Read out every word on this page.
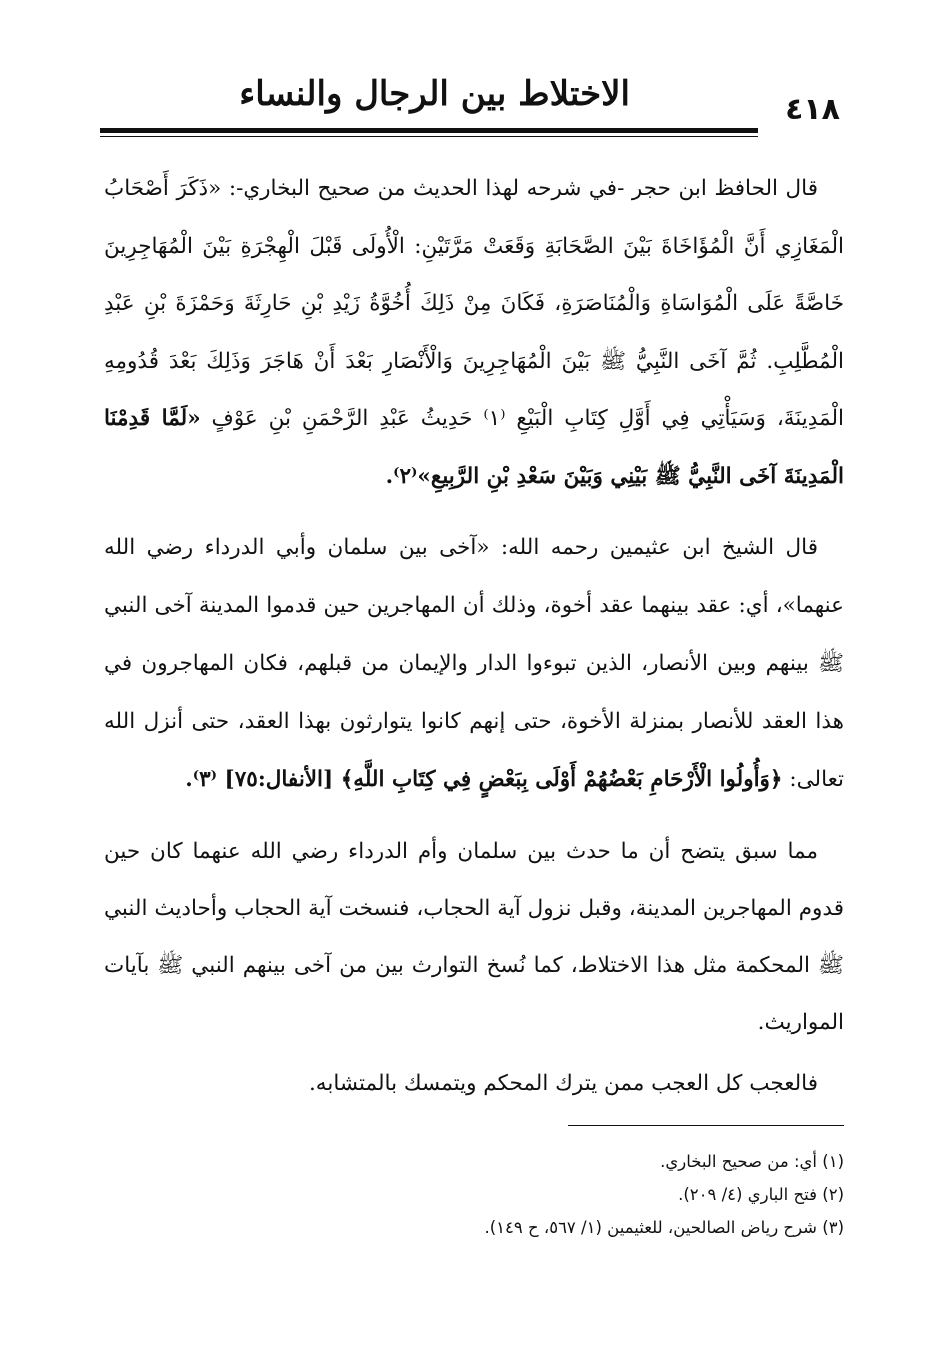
٤١٨
الاختلاط بين الرجال والنساء

قال الحافظ ابن حجر -في شرحه لهذا الحديث من صحيح البخاري-: «ذَكَرَ أَصْحَابُ الْمَغَازِي أَنَّ الْمُؤَاخَاةَ بَيْنَ الصَّحَابَةِ وَقَعَتْ مَرَّتَيْنِ: الْأُولَى قَبْلَ الْهِجْرَةِ بَيْنَ الْمُهَاجِرِينَ خَاصَّةً عَلَى الْمُوَاسَاةِ وَالْمُنَاصَرَةِ، فَكَانَ مِنْ ذَلِكَ أُخُوَّةُ زَيْدِ بْنِ حَارِثَةَ وَحَمْزَةَ بْنِ عَبْدِ الْمُطَّلِبِ. ثُمَّ آخَى النَّبِيُّ ﷺ بَيْنَ الْمُهَاجِرِينَ وَالْأَنْصَارِ بَعْدَ أَنْ هَاجَرَ وَذَلِكَ بَعْدَ قُدُومِهِ الْمَدِينَةَ، وَسَيَأْتِي فِي أَوَّلِ كِتَابِ الْبَيْعِ ⁽١⁾ حَدِيثُ عَبْدِ الرَّحْمَنِ بْنِ عَوْفٍ «لَمَّا قَدِمْنَا الْمَدِينَةَ آخَى النَّبِيُّ ﷺ بَيْنِي وَبَيْنَ سَعْدِ بْنِ الرَّبِيعِ»⁽٢⁾.

قال الشيخ ابن عثيمين رحمه الله: «آخى بين سلمان وأبي الدرداء رضي الله عنهما»، أي: عقد بينهما عقد أخوة، وذلك أن المهاجرين حين قدموا المدينة آخى النبي ﷺ بينهم وبين الأنصار، الذين تبوءوا الدار والإيمان من قبلهم، فكان المهاجرون في هذا العقد للأنصار بمنزلة الأخوة، حتى إنهم كانوا يتوارثون بهذا العقد، حتى أنزل الله تعالى: ﴿وَأُولُوا الْأَرْحَامِ بَعْضُهُمْ أَوْلَى بِبَعْضٍ فِي كِتَابِ اللَّهِ﴾ [الأنفال:٧٥] ⁽٣⁾.

مما سبق يتضح أن ما حدث بين سلمان وأم الدرداء رضي الله عنهما كان حين قدوم المهاجرين المدينة، وقبل نزول آية الحجاب، فنسخت آية الحجاب وأحاديث النبي ﷺ المحكمة مثل هذا الاختلاط، كما نُسخ التوارث بين من آخى بينهم النبي ﷺ بآيات المواريث.

فالعجب كل العجب ممن يترك المحكم ويتمسك بالمتشابه.

(١) أي: من صحيح البخاري.
(٢) فتح الباري (٤/ ٢٠٩).
(٣) شرح رياض الصالحين، للعثيمين (١/ ٥٦٧، ح ١٤٩).
